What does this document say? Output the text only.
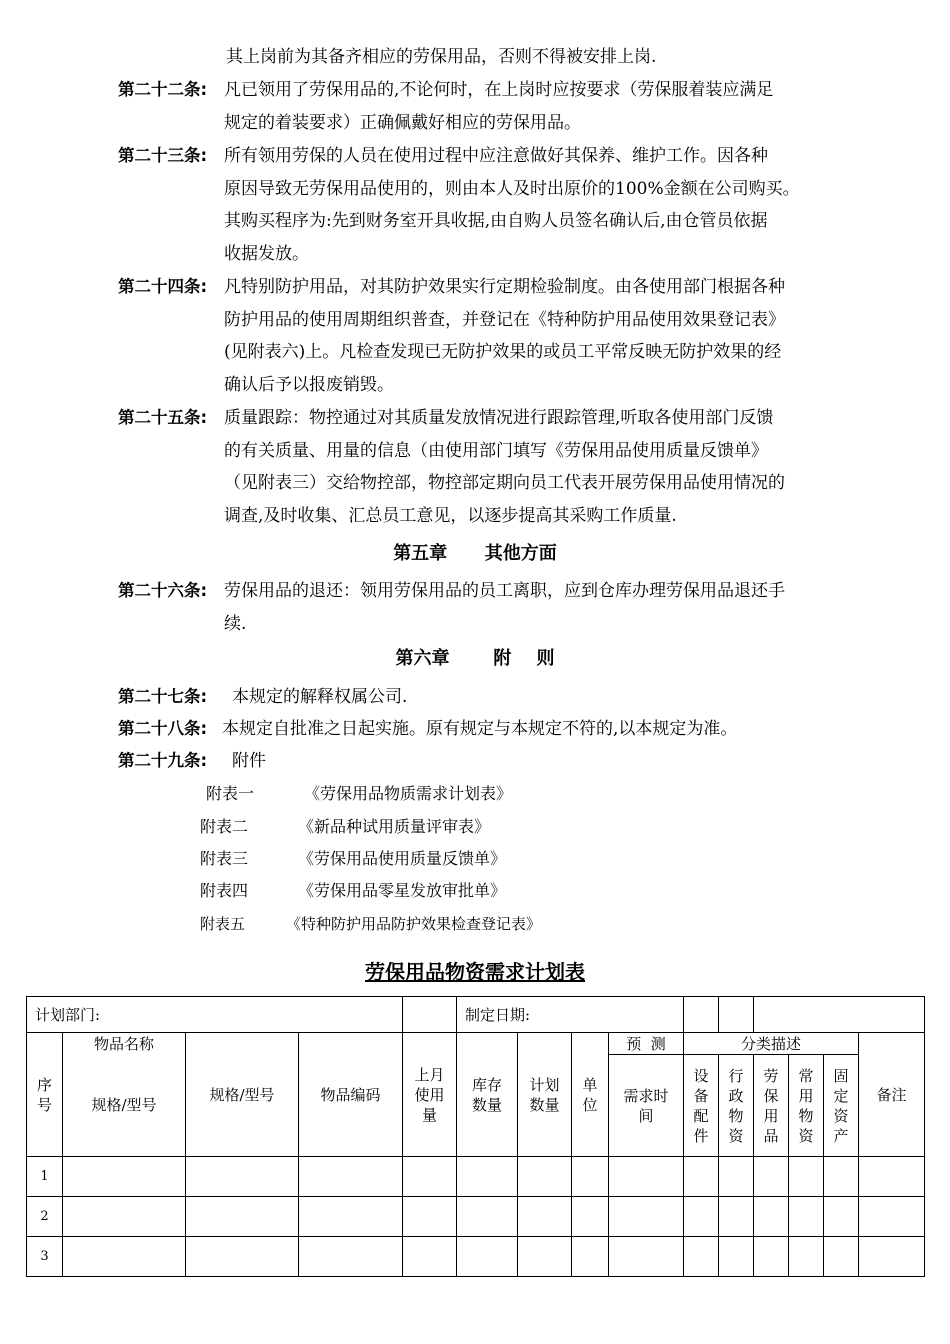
其上岗前为其备齐相应的劳保用品，否则不得被安排上岗.
第二十二条: 凡已领用了劳保用品的,不论何时，在上岗时应按要求（劳保服着装应满足
规定的着装要求）正确佩戴好相应的劳保用品。
第二十三条: 所有领用劳保的人员在使用过程中应注意做好其保养、维护工作。因各种
原因导致无劳保用品使用的，则由本人及时出原价的100%金额在公司购买。
其购买程序为:先到财务室开具收据,由自购人员签名确认后,由仓管员依据
收据发放。
第二十四条: 凡特别防护用品，对其防护效果实行定期检验制度。由各使用部门根据各种
防护用品的使用周期组织普查，并登记在《特种防护用品使用效果登记表》
(见附表六)上。凡检查发现已无防护效果的或员工平常反映无防护效果的经
确认后予以报废销毁。
第二十五条: 质量跟踪：物控通过对其质量发放情况进行跟踪管理,听取各使用部门反馈
的有关质量、用量的信息（由使用部门填写《劳保用品使用质量反馈单》
（见附表三）交给物控部，物控部定期向员工代表开展劳保用品使用情况的
调查,及时收集、汇总员工意见，以逐步提高其采购工作质量.
第五章      其他方面
第二十六条: 劳保用品的退还：领用劳保用品的员工离职，应到仓库办理劳保用品退还手
续.
第六章       附    则
第二十七条: 本规定的解释权属公司.
第二十八条: 本规定自批准之日起实施。原有规定与本规定不符的,以本规定为准。
第二十九条: 附件
附表一	《劳保用品物质需求计划表》
附表二	《新品种试用质量评审表》
附表三	《劳保用品使用质量反馈单》
附表四	《劳保用品零星发放审批单》
附表五	《特种防护用品防护效果检查登记表》
劳保用品物资需求计划表
计划部门:					制定日期:										
序号	物品名称	规格/型号	物品编码	上月使用量	库存数量	计划数量	单位	预  测	分类描述					备注	
	规格/型号							需求时间	设备配件	行政物资	劳保用品	常用物资	固定资产		
1															
2															
3															
